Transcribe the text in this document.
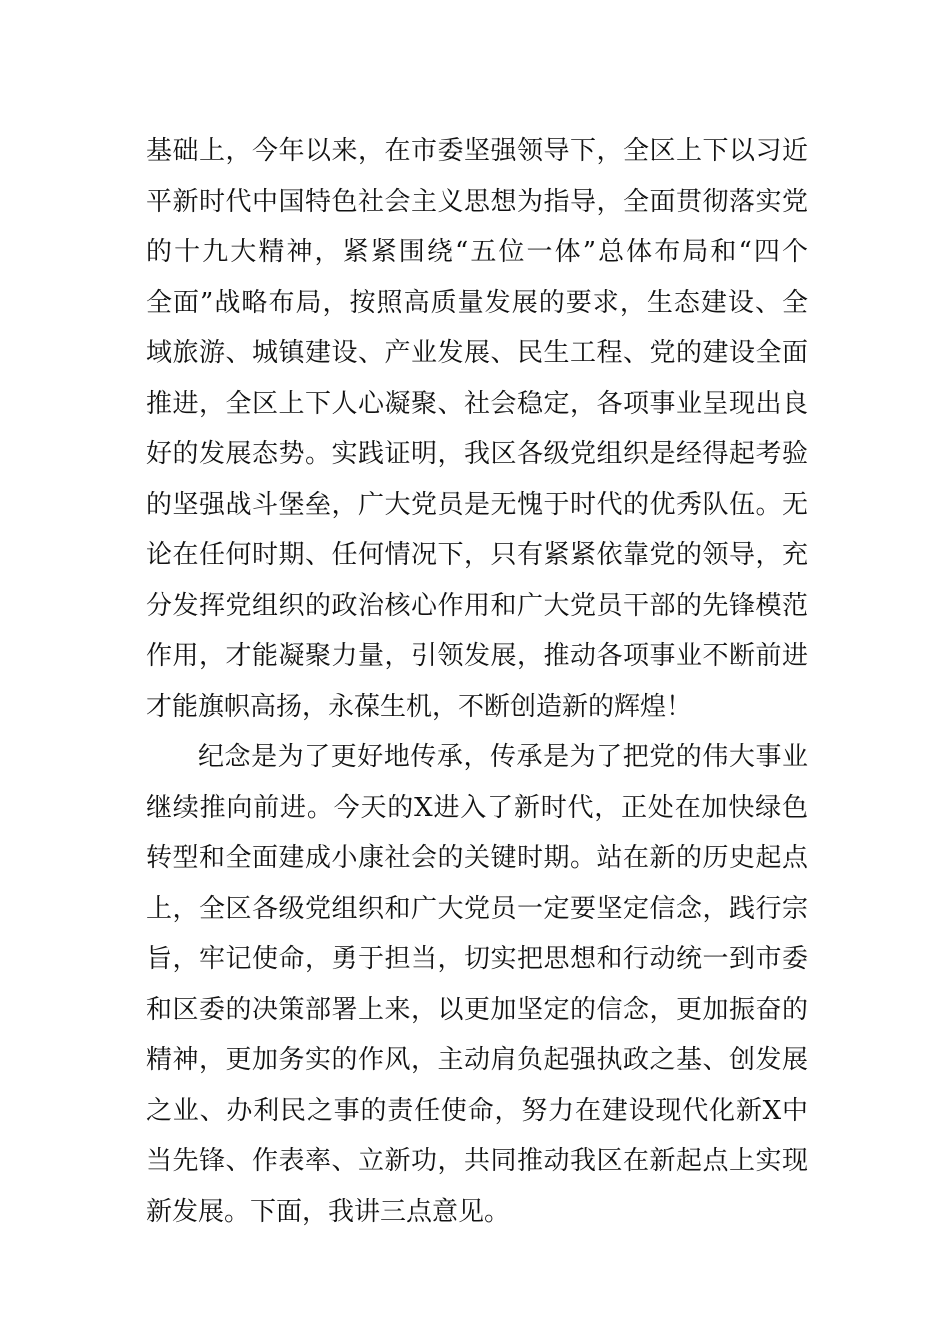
基础上，今年以来，在市委坚强领导下，全区上下以习近
平新时代中国特色社会主义思想为指导，全面贯彻落实党
的十九大精神，紧紧围绕“五位一体”总体布局和“四个
全面”战略布局，按照高质量发展的要求，生态建设、全
域旅游、城镇建设、产业发展、民生工程、党的建设全面
推进，全区上下人心凝聚、社会稳定，各项事业呈现出良
好的发展态势。实践证明，我区各级党组织是经得起考验
的坚强战斗堡垒，广大党员是无愧于时代的优秀队伍。无
论在任何时期、任何情况下，只有紧紧依靠党的领导，充
分发挥党组织的政治核心作用和广大党员干部的先锋模范
作用，才能凝聚力量，引领发展，推动各项事业不断前进
才能旗帜高扬，永葆生机，不断创造新的辉煌！
纪念是为了更好地传承，传承是为了把党的伟大事业
继续推向前进。今天的X进入了新时代，正处在加快绿色
转型和全面建成小康社会的关键时期。站在新的历史起点
上，全区各级党组织和广大党员一定要坚定信念，践行宗
旨，牢记使命，勇于担当，切实把思想和行动统一到市委
和区委的决策部署上来，以更加坚定的信念，更加振奋的
精神，更加务实的作风，主动肩负起强执政之基、创发展
之业、办利民之事的责任使命，努力在建设现代化新X中
当先锋、作表率、立新功，共同推动我区在新起点上实现
新发展。下面，我讲三点意见。
